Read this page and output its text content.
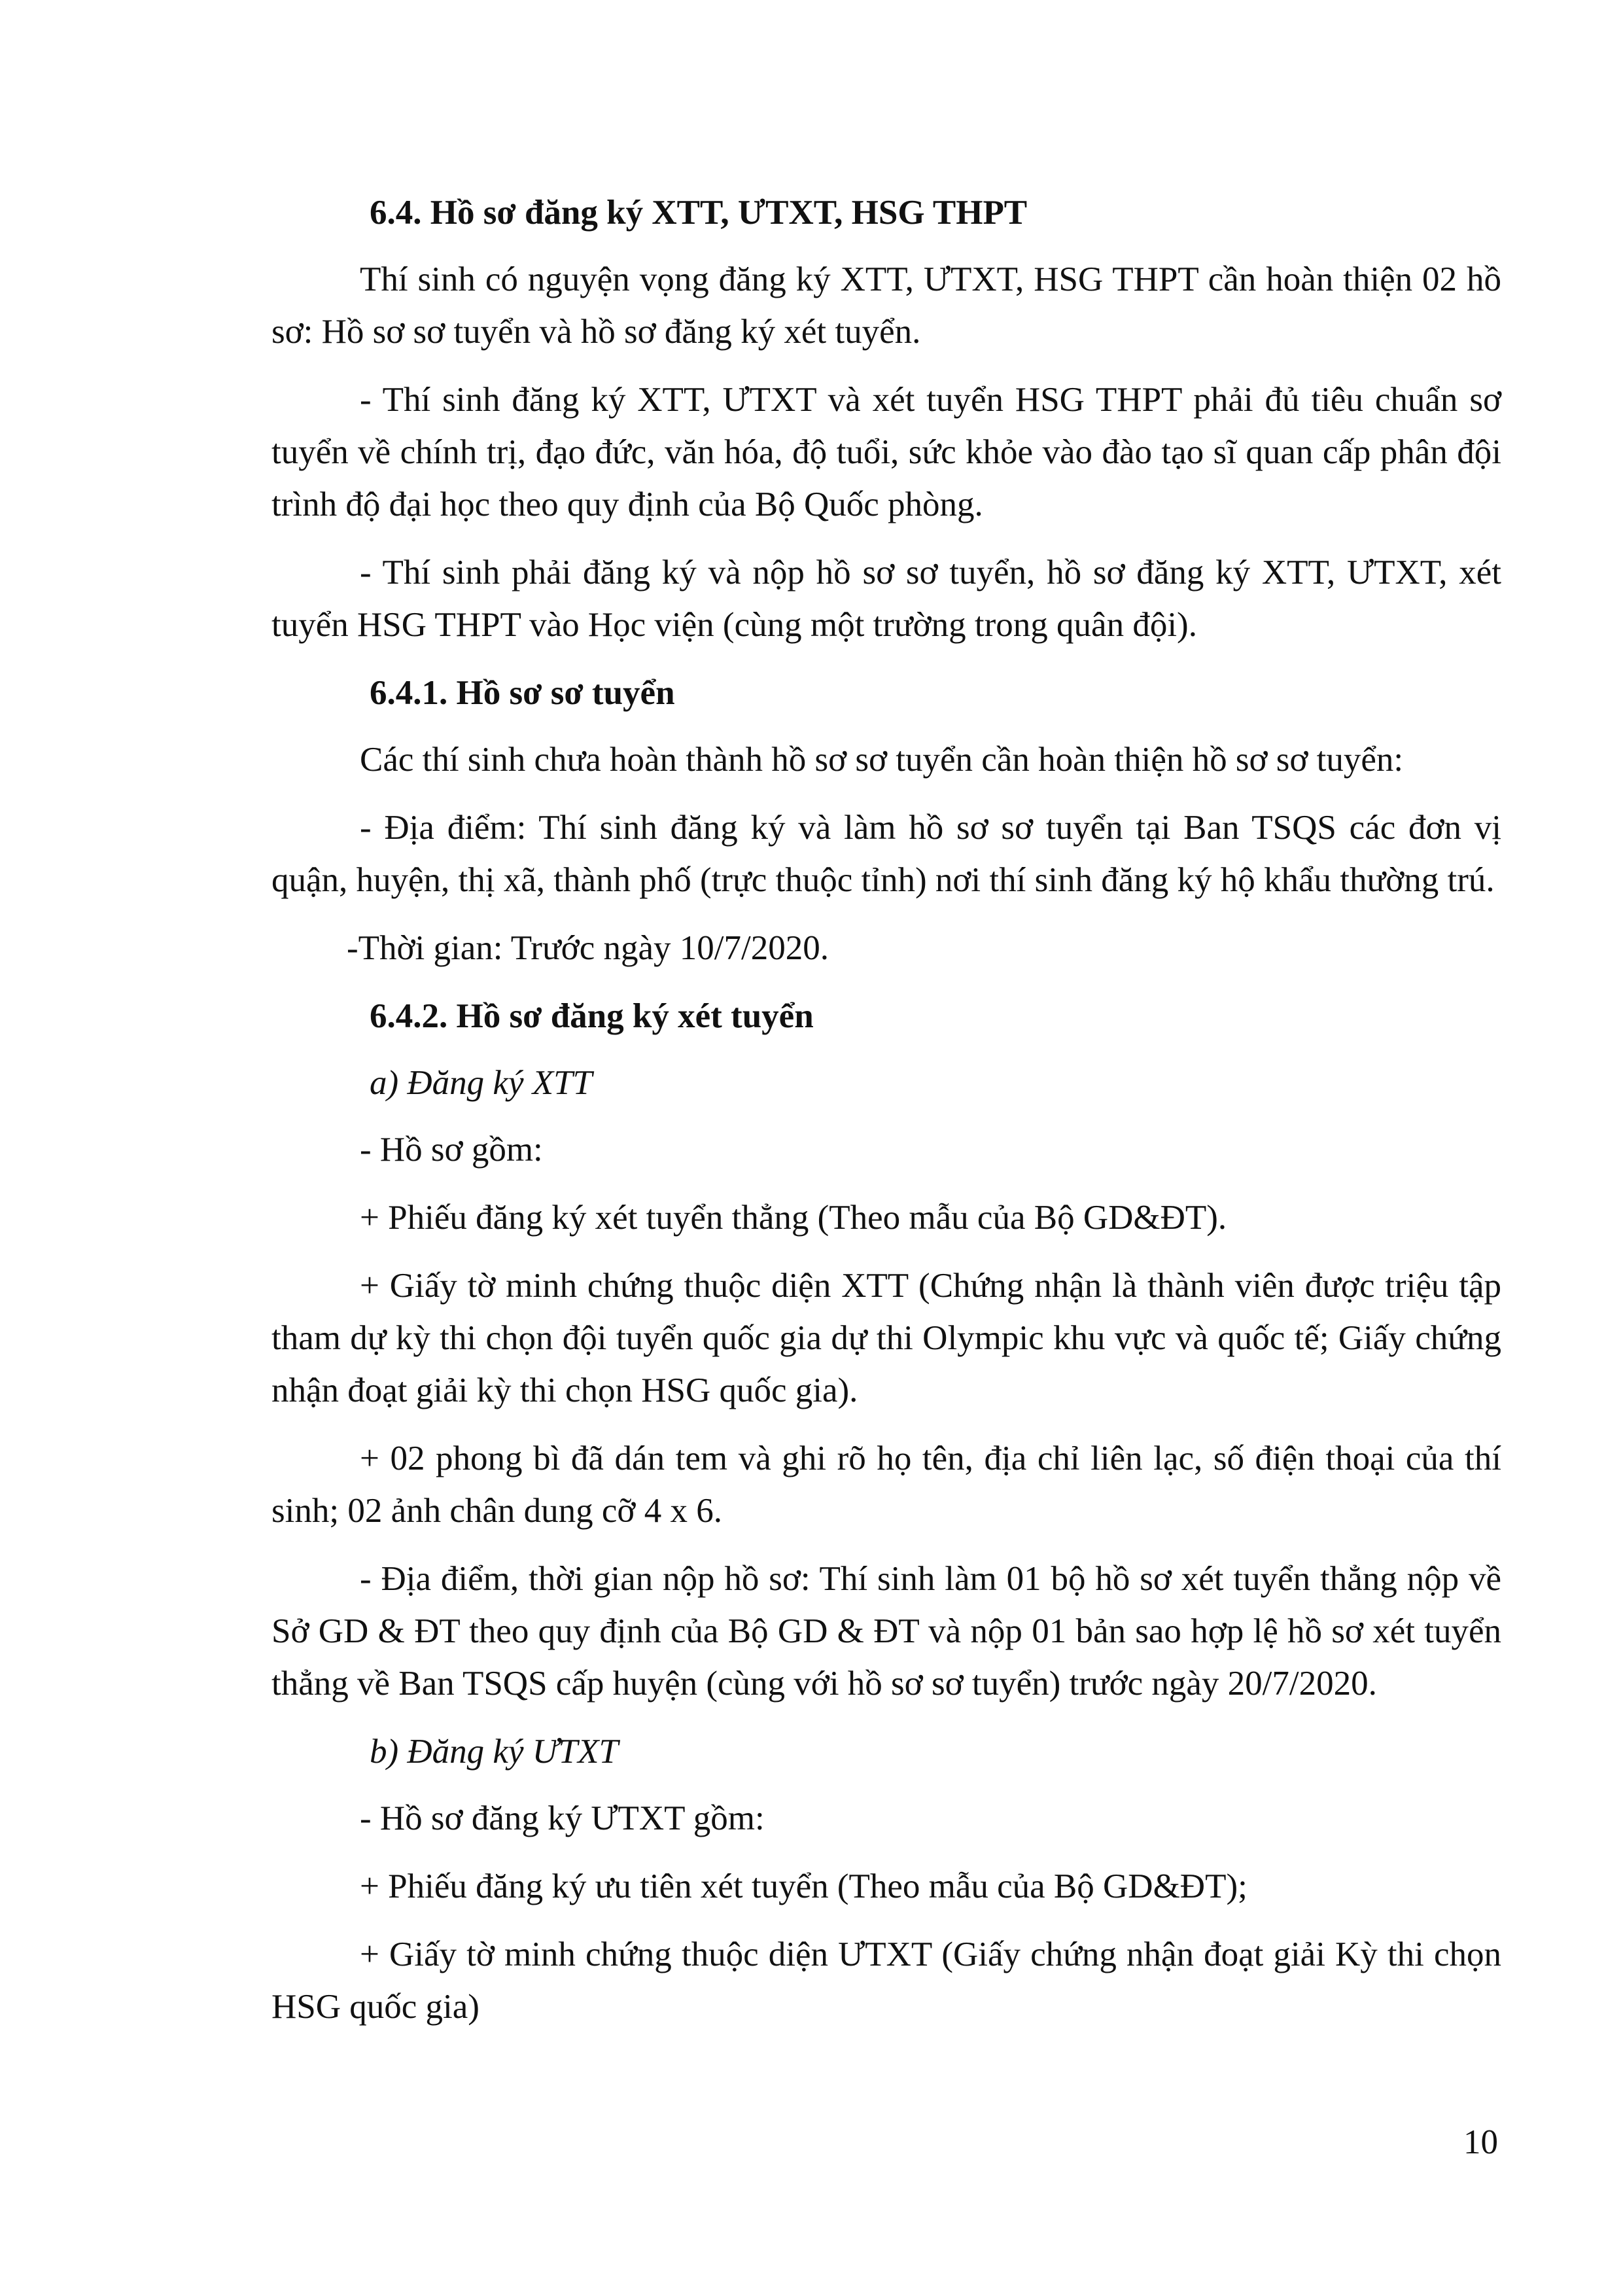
6.4. Hồ sơ đăng ký XTT, ƯTXT, HSG THPT
Thí sinh có nguyện vọng đăng ký XTT, ƯTXT, HSG THPT cần hoàn thiện 02 hồ sơ: Hồ sơ sơ tuyển và hồ sơ đăng ký xét tuyển.
- Thí sinh đăng ký XTT, ƯTXT và xét tuyển HSG THPT phải đủ tiêu chuẩn sơ tuyển về chính trị, đạo đức, văn hóa, độ tuổi, sức khỏe vào đào tạo sĩ quan cấp phân đội trình độ đại học theo quy định của Bộ Quốc phòng.
- Thí sinh phải đăng ký và nộp hồ sơ sơ tuyển, hồ sơ đăng ký XTT, ƯTXT, xét tuyển HSG THPT vào Học viện (cùng một trường trong quân đội).
6.4.1. Hồ sơ sơ tuyển
Các thí sinh chưa hoàn thành hồ sơ sơ tuyển cần hoàn thiện hồ sơ sơ tuyển:
- Địa điểm: Thí sinh đăng ký và làm hồ sơ sơ tuyển tại Ban TSQS các đơn vị quận, huyện, thị xã, thành phố (trực thuộc tỉnh) nơi thí sinh đăng ký hộ khẩu thường trú.
-Thời gian: Trước ngày 10/7/2020.
6.4.2. Hồ sơ đăng ký xét tuyển
a) Đăng ký XTT
- Hồ sơ gồm:
+ Phiếu đăng ký xét tuyển thẳng (Theo mẫu của Bộ GD&ĐT).
+ Giấy tờ minh chứng thuộc diện XTT (Chứng nhận là thành viên được triệu tập tham dự kỳ thi chọn đội tuyển quốc gia dự thi Olympic khu vực và quốc tế; Giấy chứng nhận đoạt giải kỳ thi chọn HSG quốc gia).
+ 02 phong bì đã dán tem và ghi rõ họ tên, địa chỉ liên lạc, số điện thoại của thí sinh; 02 ảnh chân dung cỡ 4 x 6.
- Địa điểm, thời gian nộp hồ sơ: Thí sinh làm 01 bộ hồ sơ xét tuyển thẳng nộp về Sở GD & ĐT theo quy định của Bộ GD & ĐT và nộp 01 bản sao hợp lệ hồ sơ xét tuyển thẳng về Ban TSQS cấp huyện (cùng với hồ sơ sơ tuyển) trước ngày 20/7/2020.
b) Đăng ký ƯTXT
- Hồ sơ đăng ký ƯTXT gồm:
+ Phiếu đăng ký ưu tiên xét tuyển (Theo mẫu của Bộ GD&ĐT);
+ Giấy tờ minh chứng thuộc diện ƯTXT (Giấy chứng nhận đoạt giải Kỳ thi chọn HSG quốc gia)
10
